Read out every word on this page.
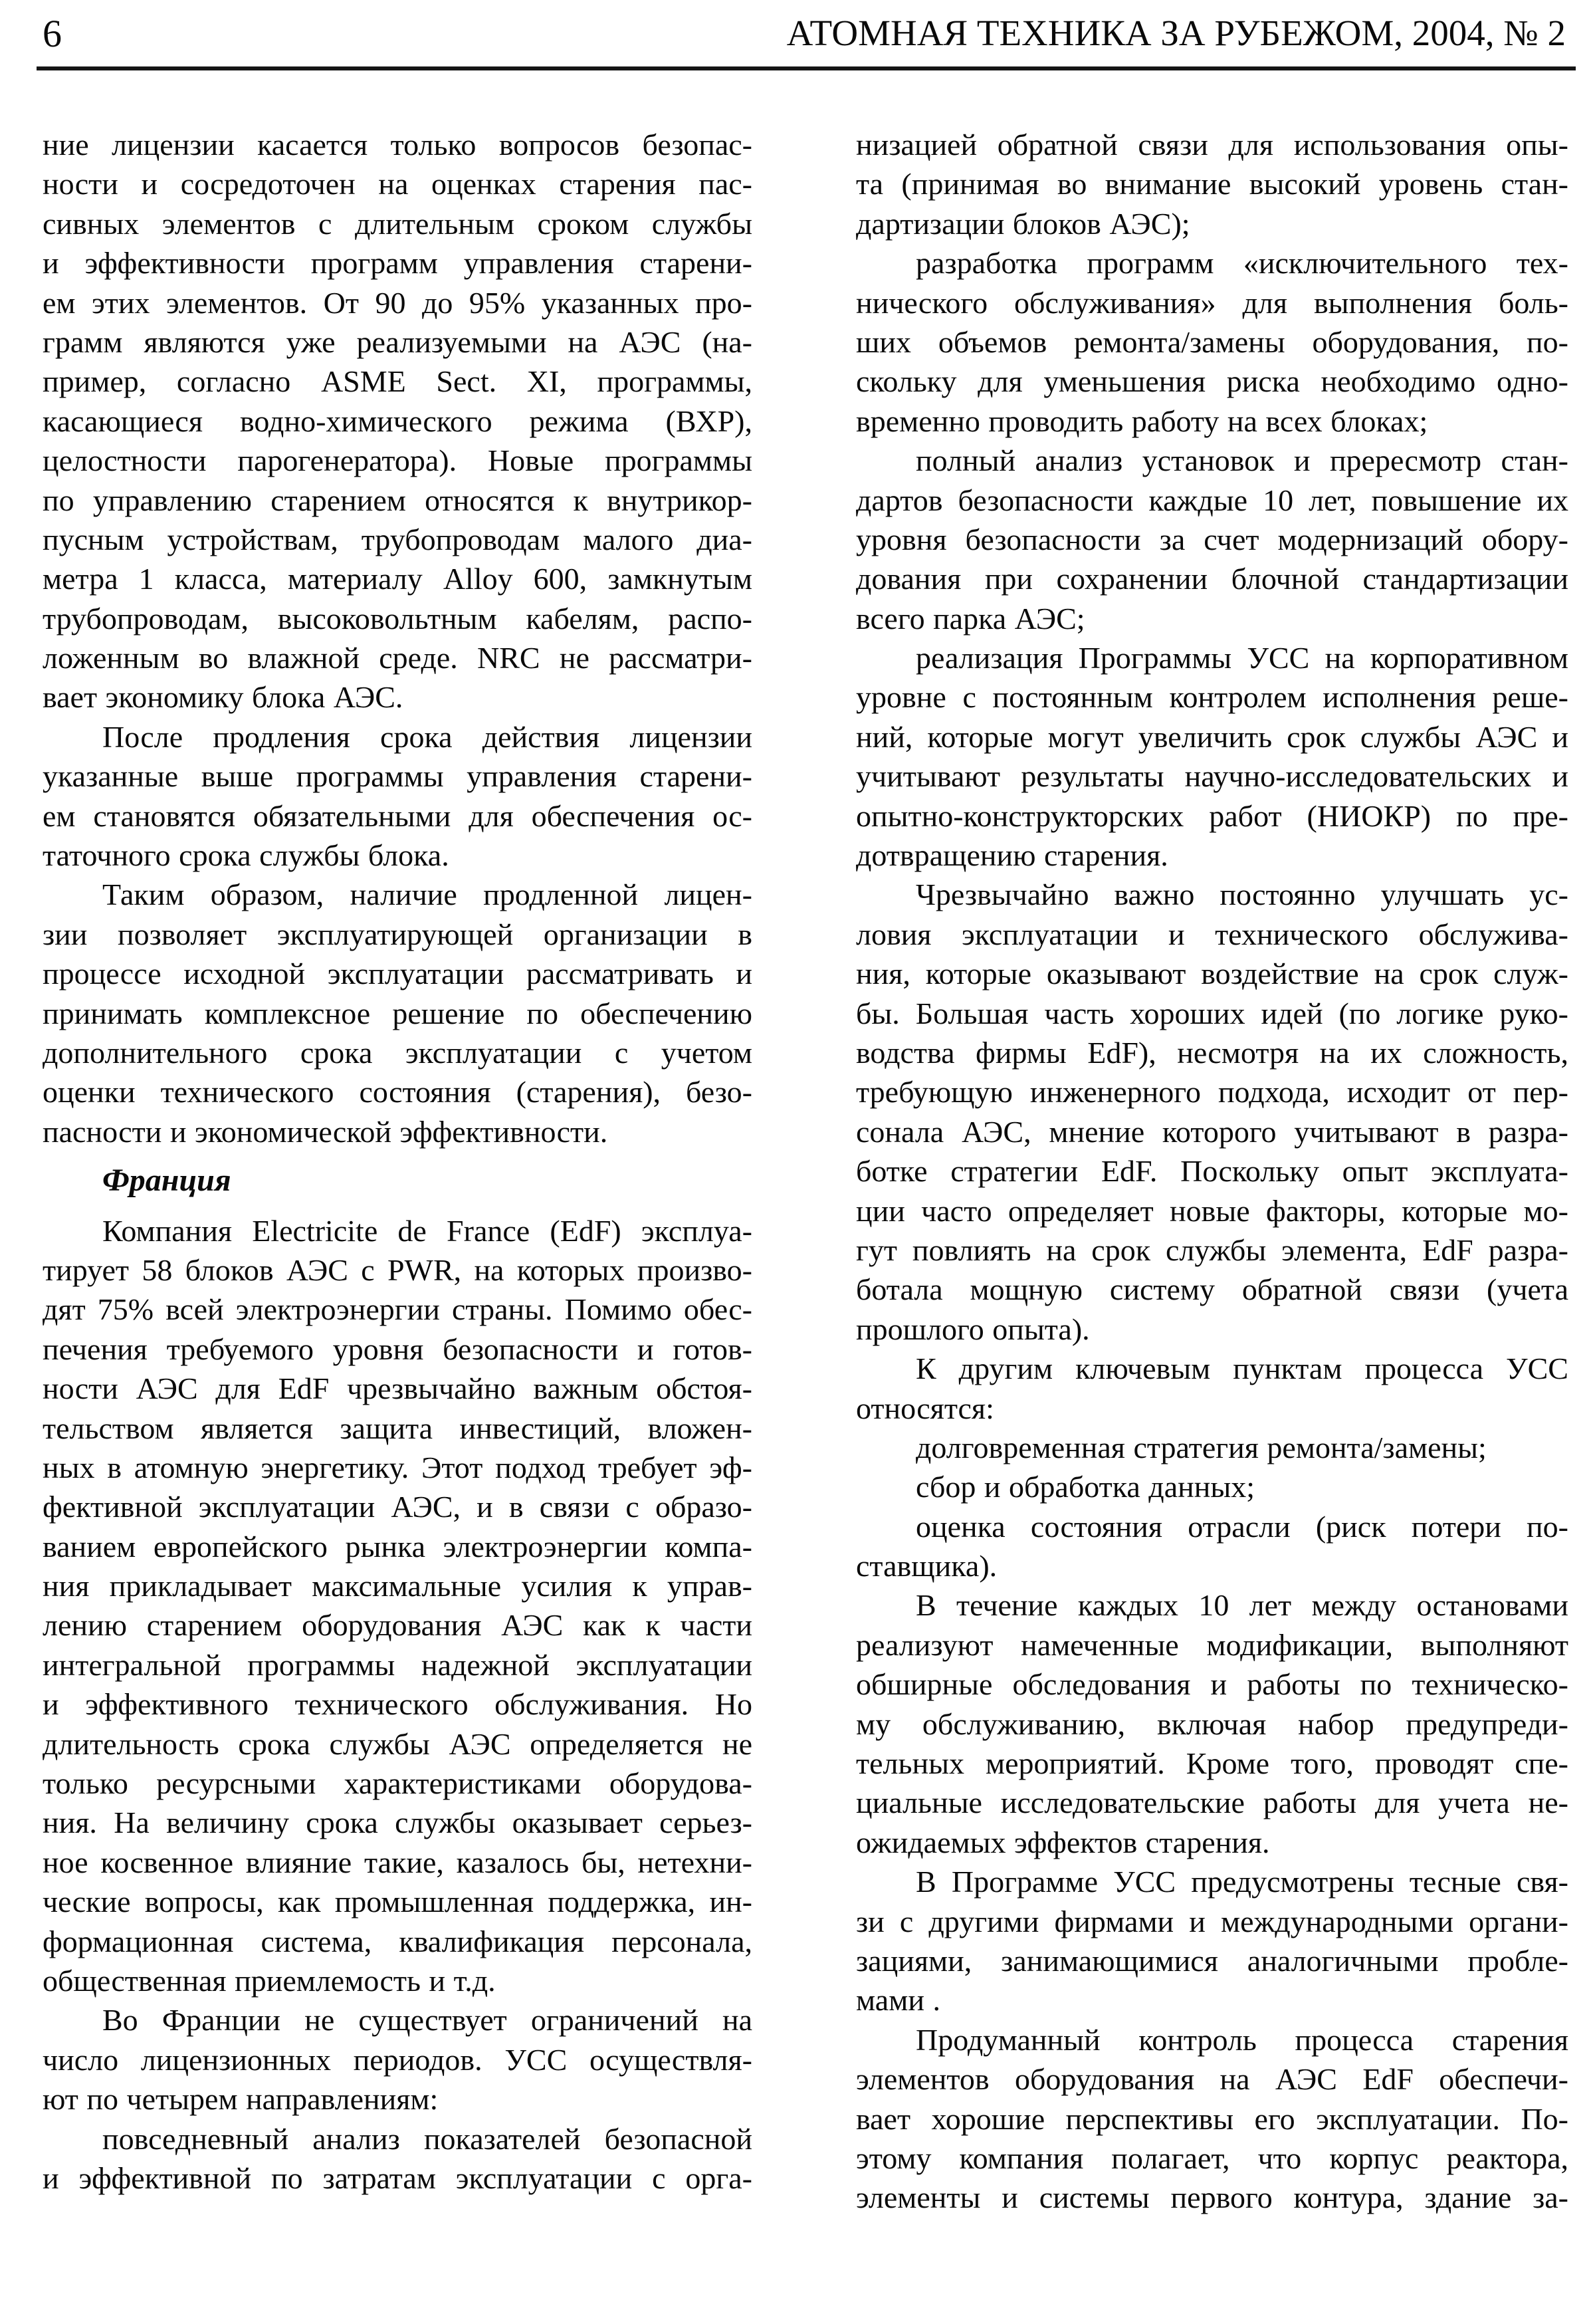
6	АТОМНАЯ ТЕХНИКА ЗА РУБЕЖОМ, 2004, № 2
ние лицензии касается только вопросов безопас-
ности и сосредоточен на оценках старения пас-
сивных элементов с длительным сроком службы
и эффективности программ управления старени-
ем этих элементов. От 90 до 95% указанных про-
грамм являются уже реализуемыми на АЭС (на-
пример, согласно ASME Sect. XI, программы,
касающиеся водно-химического режима (ВХР),
целостности парогенератора). Новые программы
по управлению старением относятся к внутрикор-
пусным устройствам, трубопроводам малого диа-
метра 1 класса, материалу Alloy 600, замкнутым
трубопроводам, высоковольтным кабелям, распо-
ложенным во влажной среде. NRC не рассматри-
вает экономику блока АЭС.
После продления срока действия лицензии
указанные выше программы управления старени-
ем становятся обязательными для обеспечения ос-
таточного срока службы блока.
Таким образом, наличие продленной лицен-
зии позволяет эксплуатирующей организации в
процессе исходной эксплуатации рассматривать и
принимать комплексное решение по обеспечению
дополнительного срока эксплуатации с учетом
оценки технического состояния (старения), безо-
пасности и экономической эффективности.
Франция
Компания Electricite de France (EdF) эксплуа-
тирует 58 блоков АЭС с PWR, на которых произво-
дят 75% всей электроэнергии страны. Помимо обес-
печения требуемого уровня безопасности и готов-
ности АЭС для EdF чрезвычайно важным обстоя-
тельством является защита инвестиций, вложен-
ных в атомную энергетику. Этот подход требует эф-
фективной эксплуатации АЭС, и в связи с образо-
ванием европейского рынка электроэнергии компа-
ния прикладывает максимальные усилия к управ-
лению старением оборудования АЭС как к части
интегральной программы надежной эксплуатации
и эффективного технического обслуживания. Но
длительность срока службы АЭС определяется не
только ресурсными характеристиками оборудова-
ния. На величину срока службы оказывает серьез-
ное косвенное влияние такие, казалось бы, нетехни-
ческие вопросы, как промышленная поддержка, ин-
формационная система, квалификация персонала,
общественная приемлемость и т.д.
Во Франции не существует ограничений на
число лицензионных периодов. УСС осуществля-
ют по четырем направлениям:
повседневный анализ показателей безопасной
и эффективной по затратам эксплуатации с орга-
низацией обратной связи для использования опы-
та (принимая во внимание высокий уровень стан-
дартизации блоков АЭС);
разработка программ «исключительного тех-
нического обслуживания» для выполнения боль-
ших объемов ремонта/замены оборудования, по-
скольку для уменьшения риска необходимо одно-
временно проводить работу на всех блоках;
полный анализ установок и прересмотр стан-
дартов безопасности каждые 10 лет, повышение их
уровня безопасности за счет модернизаций обору-
дования при сохранении блочной стандартизации
всего парка АЭС;
реализация Программы УСС на корпоративном
уровне с постоянным контролем исполнения реше-
ний, которые могут увеличить срок службы АЭС и
учитывают результаты научно-исследовательских и
опытно-конструкторских работ (НИОКР) по пре-
дотвращению старения.
Чрезвычайно важно постоянно улучшать ус-
ловия эксплуатации и технического обслужива-
ния, которые оказывают воздействие на срок служ-
бы. Большая часть хороших идей (по логике руко-
водства фирмы EdF), несмотря на их сложность,
требующую инженерного подхода, исходит от пер-
сонала АЭС, мнение которого учитывают в разра-
ботке стратегии EdF. Поскольку опыт эксплуата-
ции часто определяет новые факторы, которые мо-
гут повлиять на срок службы элемента, EdF разра-
ботала мощную систему обратной связи (учета
прошлого опыта).
К другим ключевым пунктам процесса УСС
относятся:
долговременная стратегия ремонта/замены;
сбор и обработка данных;
оценка состояния отрасли (риск потери по-
ставщика).
В течение каждых 10 лет между остановами
реализуют намеченные модификации, выполняют
обширные обследования и работы по техническо-
му обслуживанию, включая набор предупреди-
тельных мероприятий. Кроме того, проводят спе-
циальные исследовательские работы для учета не-
ожидаемых эффектов старения.
В Программе УСС предусмотрены тесные свя-
зи с другими фирмами и международными органи-
зациями, занимающимися аналогичными пробле-
мами .
Продуманный контроль процесса старения
элементов оборудования на АЭС EdF обеспечи-
вает хорошие перспективы его эксплуатации. По-
этому компания полагает, что корпус реактора,
элементы и системы первого контура, здание за-
